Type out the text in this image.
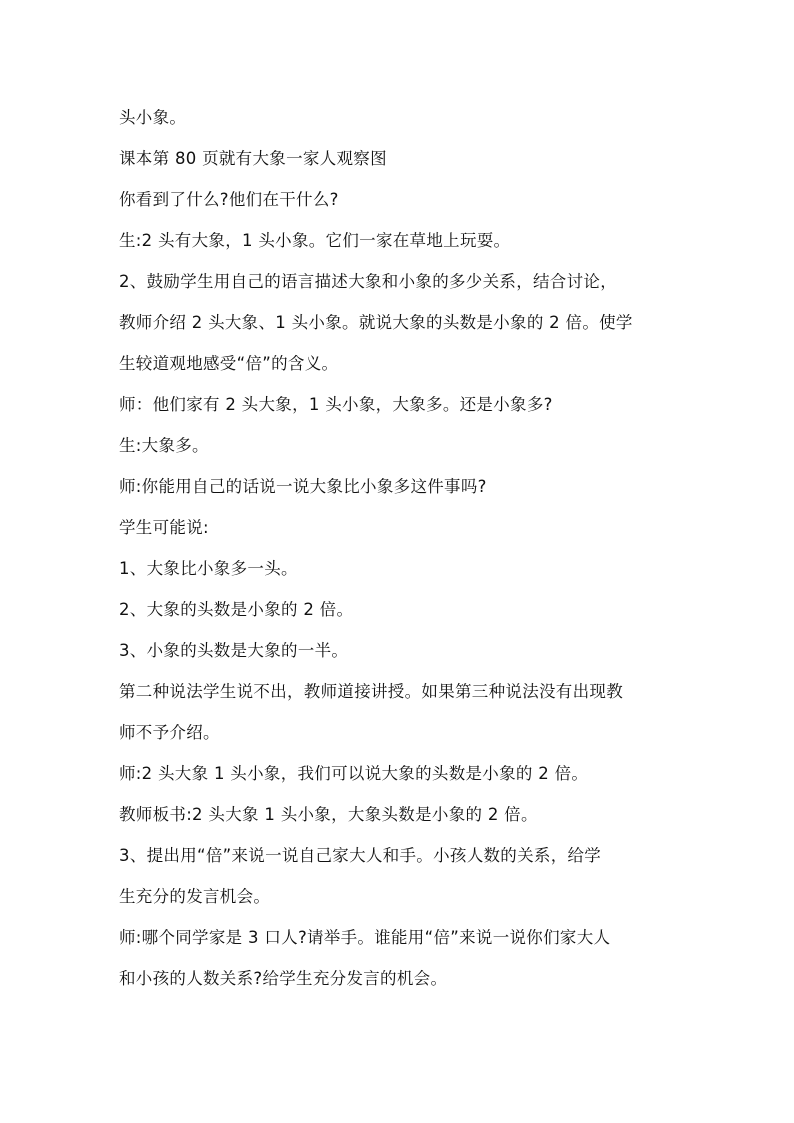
头小象。
课本第 80 页就有大象一家人观察图
你看到了什么?他们在干什么?
生:2 头有大象，1 头小象。它们一家在草地上玩耍。
2、鼓励学生用自己的语言描述大象和小象的多少关系，结合讨论，
教师介绍 2 头大象、1 头小象。就说大象的头数是小象的 2 倍。使学
生较道观地感受“倍”的含义。
师：他们家有 2 头大象，1 头小象，大象多。还是小象多?
生:大象多。
师:你能用自己的话说一说大象比小象多这件事吗?
学生可能说:
1、大象比小象多一头。
2、大象的头数是小象的 2 倍。
3、小象的头数是大象的一半。
第二种说法学生说不出，教师道接讲授。如果第三种说法没有出现教
师不予介绍。
师:2 头大象 1 头小象，我们可以说大象的头数是小象的 2 倍。
教师板书:2 头大象 1 头小象，大象头数是小象的 2 倍。
3、提出用“倍”来说一说自己家大人和手。小孩人数的关系，给学
生充分的发言机会。
师:哪个同学家是 3 口人?请举手。谁能用“倍”来说一说你们家大人
和小孩的人数关系?给学生充分发言的机会。
